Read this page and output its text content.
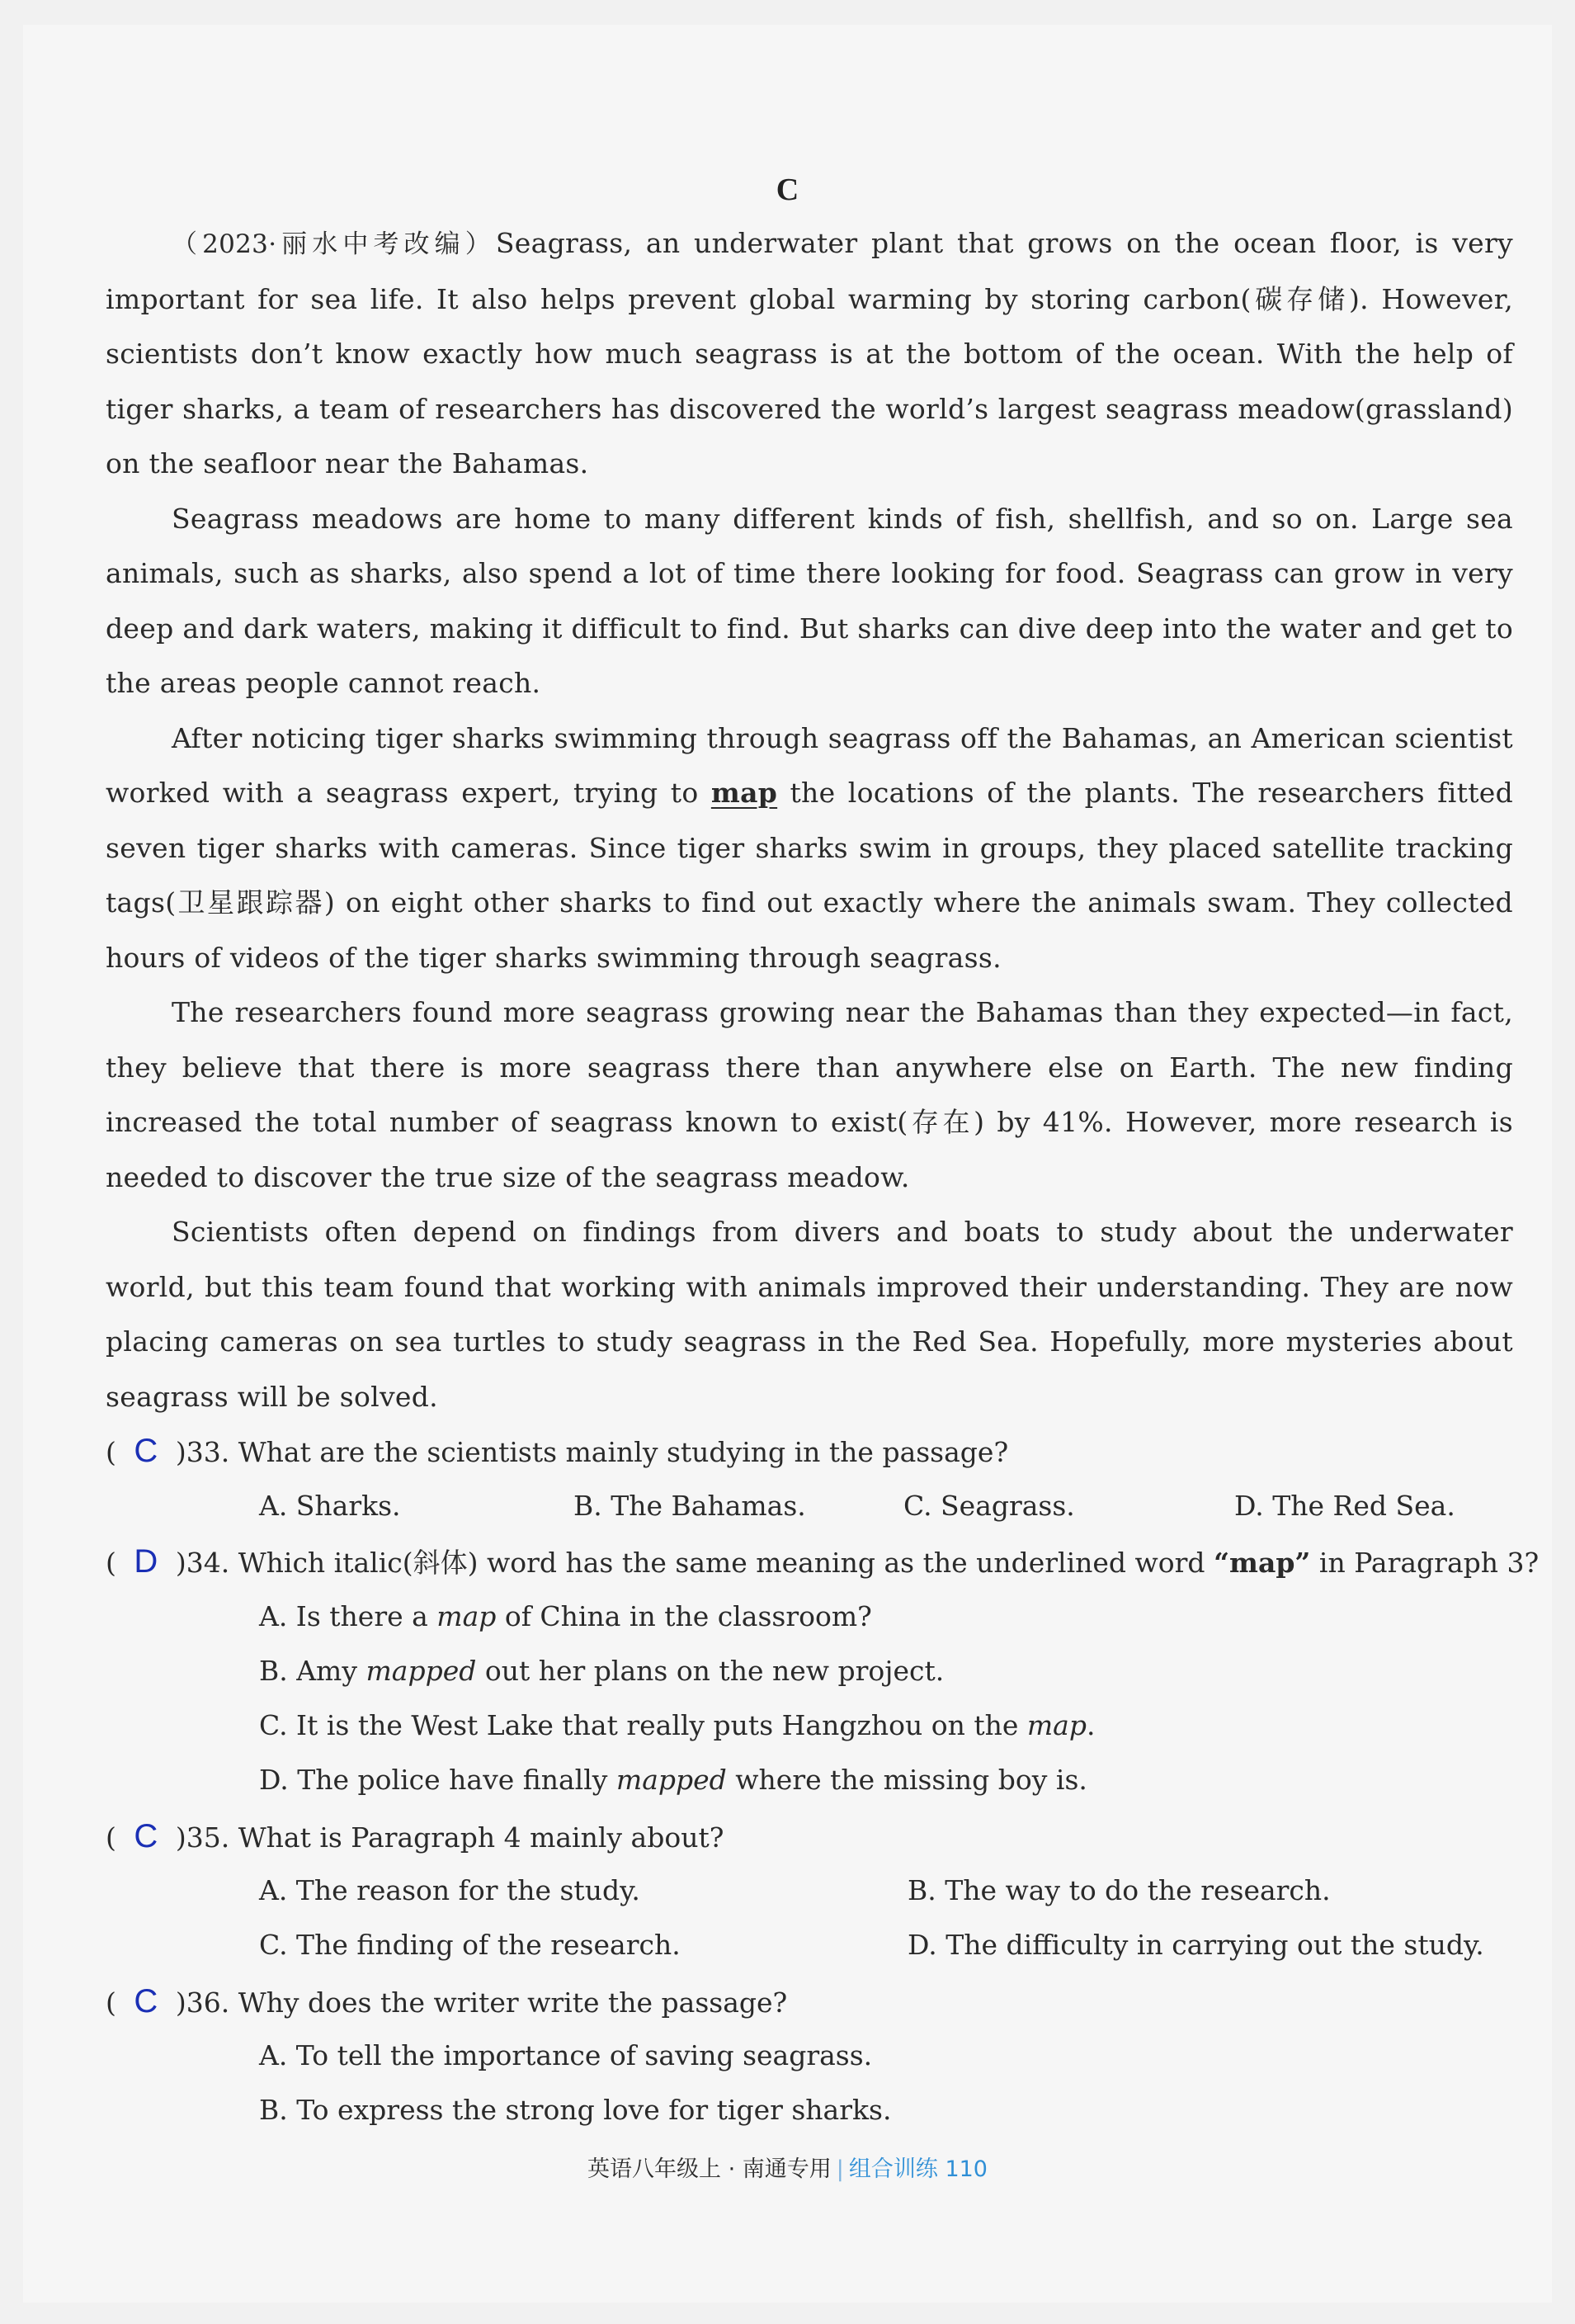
C

（2023·丽水中考改编）Seagrass, an underwater plant that grows on the ocean floor, is very important for sea life. It also helps prevent global warming by storing carbon(碳存储). However, scientists don’t know exactly how much seagrass is at the bottom of the ocean. With the help of tiger sharks, a team of researchers has discovered the world’s largest seagrass meadow(grassland) on the seafloor near the Bahamas.

Seagrass meadows are home to many different kinds of fish, shellfish, and so on. Large sea animals, such as sharks, also spend a lot of time there looking for food. Seagrass can grow in very deep and dark waters, making it difficult to find. But sharks can dive deep into the water and get to the areas people cannot reach.

After noticing tiger sharks swimming through seagrass off the Bahamas, an American scientist worked with a seagrass expert, trying to map the locations of the plants. The researchers fitted seven tiger sharks with cameras. Since tiger sharks swim in groups, they placed satellite tracking tags(卫星跟踪器) on eight other sharks to find out exactly where the animals swam. They collected hours of videos of the tiger sharks swimming through seagrass.

The researchers found more seagrass growing near the Bahamas than they expected—in fact, they believe that there is more seagrass there than anywhere else on Earth. The new finding increased the total number of seagrass known to exist(存在) by 41%. However, more research is needed to discover the true size of the seagrass meadow.

Scientists often depend on findings from divers and boats to study about the underwater world, but this team found that working with animals improved their understanding. They are now placing cameras on sea turtles to study seagrass in the Red Sea. Hopefully, more mysteries about seagrass will be solved.

( C )33. What are the scientists mainly studying in the passage?
A. Sharks.	B. The Bahamas.	C. Seagrass.	D. The Red Sea.
( D )34. Which italic(斜体) word has the same meaning as the underlined word “map” in Paragraph 3?
A. Is there a map of China in the classroom?
B. Amy mapped out her plans on the new project.
C. It is the West Lake that really puts Hangzhou on the map.
D. The police have finally mapped where the missing boy is.
( C )35. What is Paragraph 4 mainly about?
A. The reason for the study.	B. The way to do the research.
C. The finding of the research.	D. The difficulty in carrying out the study.
( C )36. Why does the writer write the passage?
A. To tell the importance of saving seagrass.
B. To express the strong love for tiger sharks.
英语八年级上 · 南通专用 | 组合训练 110
